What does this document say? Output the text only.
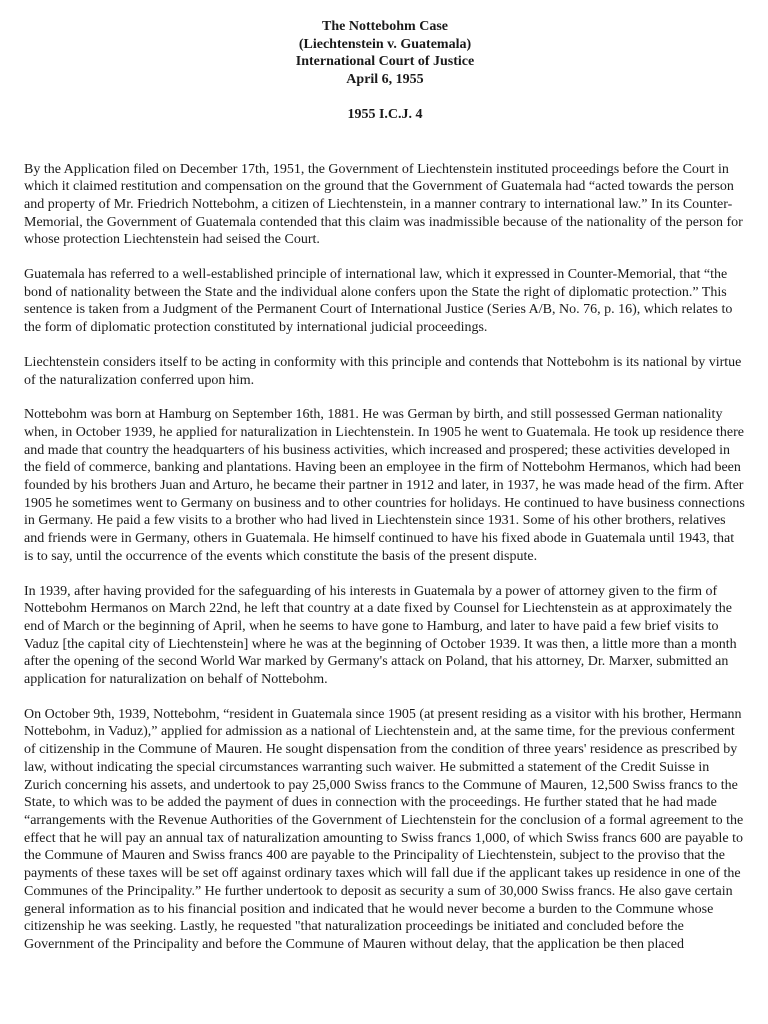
The Nottebohm Case
(Liechtenstein v. Guatemala)
International Court of Justice
April 6, 1955
1955 I.C.J. 4

By the Application filed on December 17th, 1951, the Government of Liechtenstein instituted proceedings before the Court in which it claimed restitution and compensation on the ground that the Government of Guatemala had “acted towards the person and property of Mr. Friedrich Nottebohm, a citizen of Liechtenstein, in a manner contrary to international law.” In its Counter-Memorial, the Government of Guatemala contended that this claim was inadmissible because of the nationality of the person for whose protection Liechtenstein had seised the Court.

Guatemala has referred to a well-established principle of international law, which it expressed in Counter-Memorial, that “the bond of nationality between the State and the individual alone confers upon the State the right of diplomatic protection.” This sentence is taken from a Judgment of the Permanent Court of International Justice (Series A/B, No. 76, p. 16), which relates to the form of diplomatic protection constituted by international judicial proceedings.

Liechtenstein considers itself to be acting in conformity with this principle and contends that Nottebohm is its national by virtue of the naturalization conferred upon him.

Nottebohm was born at Hamburg on September 16th, 1881. He was German by birth, and still possessed German nationality when, in October 1939, he applied for naturalization in Liechtenstein. In 1905 he went to Guatemala. He took up residence there and made that country the headquarters of his business activities, which increased and prospered; these activities developed in the field of commerce, banking and plantations. Having been an employee in the firm of Nottebohm Hermanos, which had been founded by his brothers Juan and Arturo, he became their partner in 1912 and later, in 1937, he was made head of the firm. After 1905 he sometimes went to Germany on business and to other countries for holidays. He continued to have business connections in Germany. He paid a few visits to a brother who had lived in Liechtenstein since 1931. Some of his other brothers, relatives and friends were in Germany, others in Guatemala. He himself continued to have his fixed abode in Guatemala until 1943, that is to say, until the occurrence of the events which constitute the basis of the present dispute.

In 1939, after having provided for the safeguarding of his interests in Guatemala by a power of attorney given to the firm of Nottebohm Hermanos on March 22nd, he left that country at a date fixed by Counsel for Liechtenstein as at approximately the end of March or the beginning of April, when he seems to have gone to Hamburg, and later to have paid a few brief visits to Vaduz [the capital city of Liechtenstein] where he was at the beginning of October 1939. It was then, a little more than a month after the opening of the second World War marked by Germany's attack on Poland, that his attorney, Dr. Marxer, submitted an application for naturalization on behalf of Nottebohm.

On October 9th, 1939, Nottebohm, “resident in Guatemala since 1905 (at present residing as a visitor with his brother, Hermann Nottebohm, in Vaduz),” applied for admission as a national of Liechtenstein and, at the same time, for the previous conferment of citizenship in the Commune of Mauren. He sought dispensation from the condition of three years' residence as prescribed by law, without indicating the special circumstances warranting such waiver. He submitted a statement of the Credit Suisse in Zurich concerning his assets, and undertook to pay 25,000 Swiss francs to the Commune of Mauren, 12,500 Swiss francs to the State, to which was to be added the payment of dues in connection with the proceedings. He further stated that he had made “arrangements with the Revenue Authorities of the Government of Liechtenstein for the conclusion of a formal agreement to the effect that he will pay an annual tax of naturalization amounting to Swiss francs 1,000, of which Swiss francs 600 are payable to the Commune of Mauren and Swiss francs 400 are payable to the Principality of Liechtenstein, subject to the proviso that the payments of these taxes will be set off against ordinary taxes which will fall due if the applicant takes up residence in one of the Communes of the Principality.” He further undertook to deposit as security a sum of 30,000 Swiss francs. He also gave certain general information as to his financial position and indicated that he would never become a burden to the Commune whose citizenship he was seeking. Lastly, he requested "that naturalization proceedings be initiated and concluded before the Government of the Principality and before the Commune of Mauren without delay, that the application be then placed
